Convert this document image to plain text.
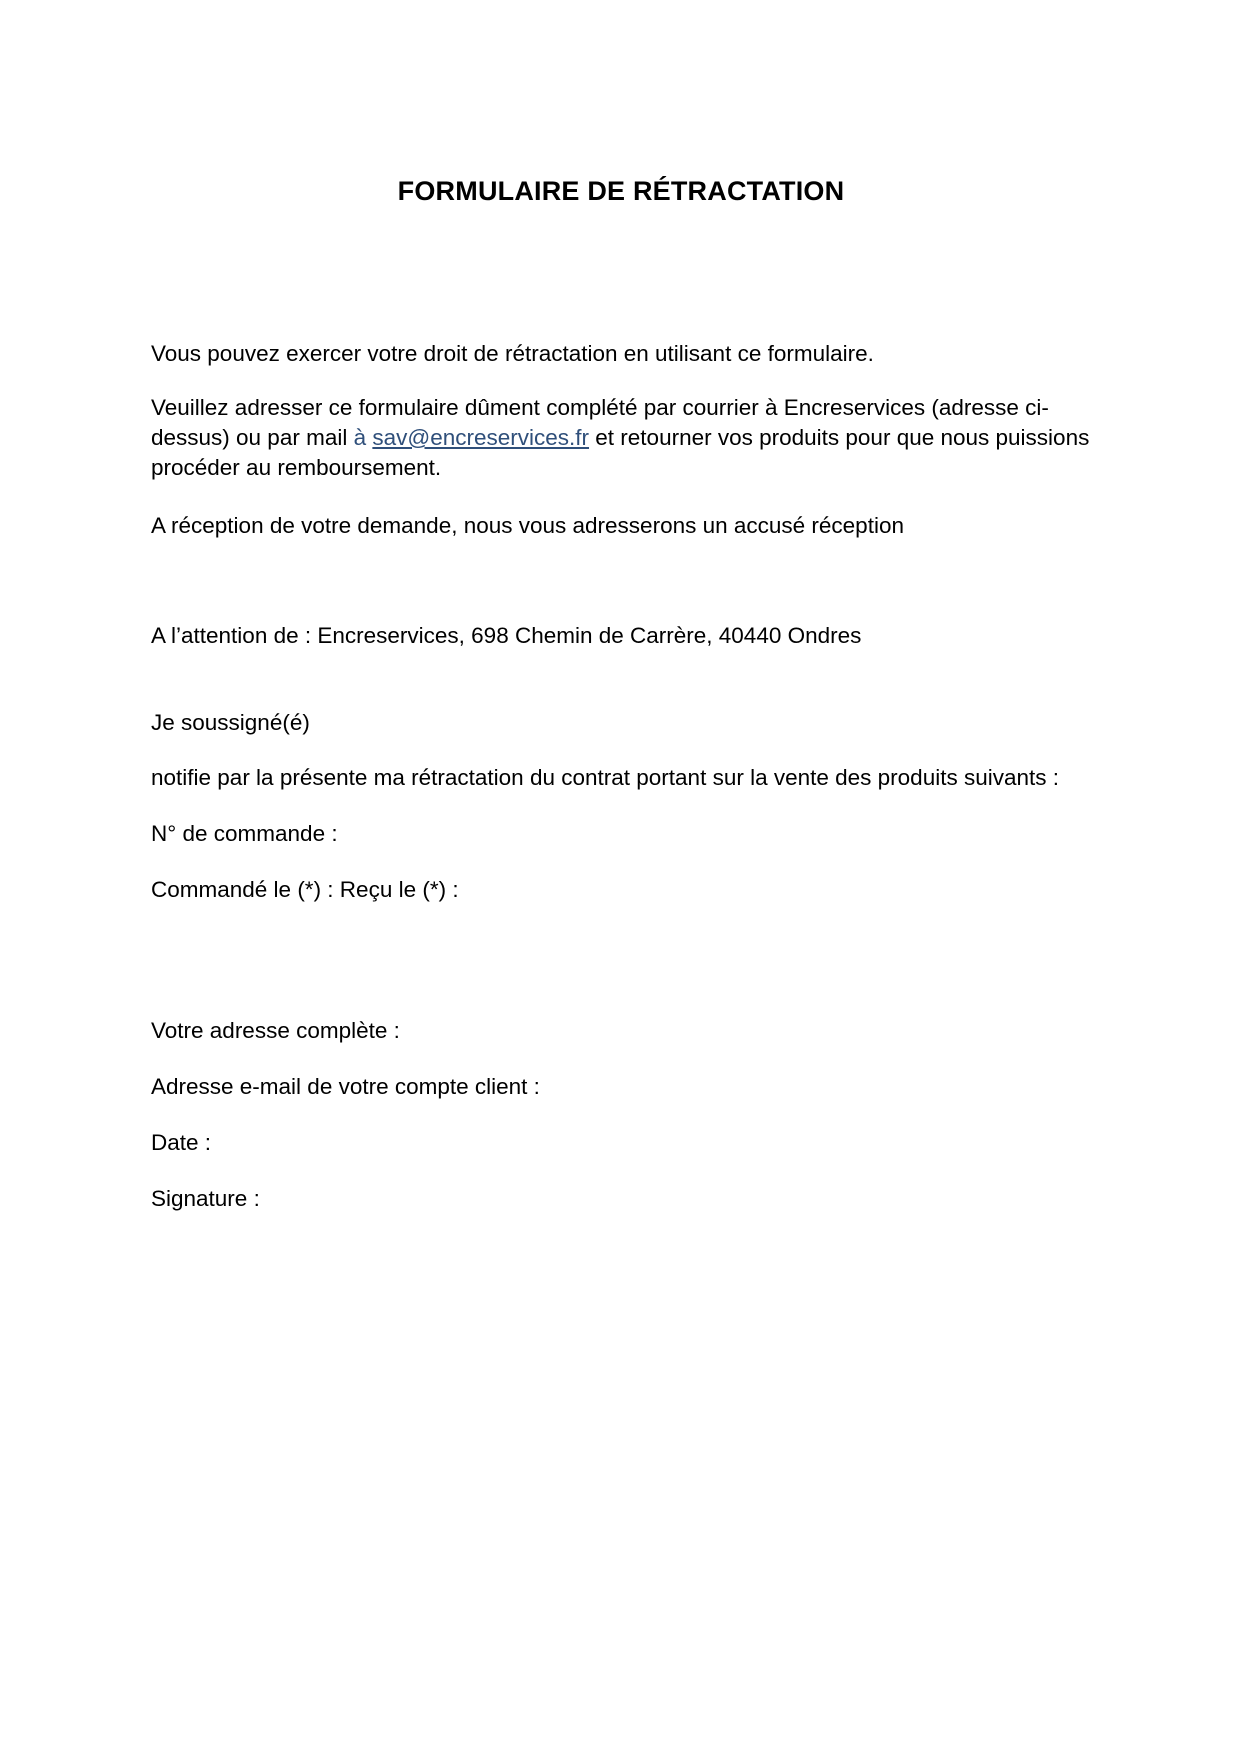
FORMULAIRE DE RÉTRACTATION
Vous pouvez exercer votre droit de rétractation en utilisant ce formulaire.
Veuillez adresser ce formulaire dûment complété par courrier à Encreservices (adresse ci-dessus) ou par mail à sav@encreservices.fr et retourner vos produits pour que nous puissions procéder au remboursement.
A réception de votre demande, nous vous adresserons un accusé réception
A l’attention de : Encreservices, 698 Chemin de Carrère, 40440 Ondres
Je soussigné(é)
notifie par la présente ma rétractation du contrat portant sur la vente des produits suivants :
N° de commande :
Commandé le (*) : Reçu le (*) :
Votre adresse complète :
Adresse e-mail de votre compte client :
Date :
Signature :
